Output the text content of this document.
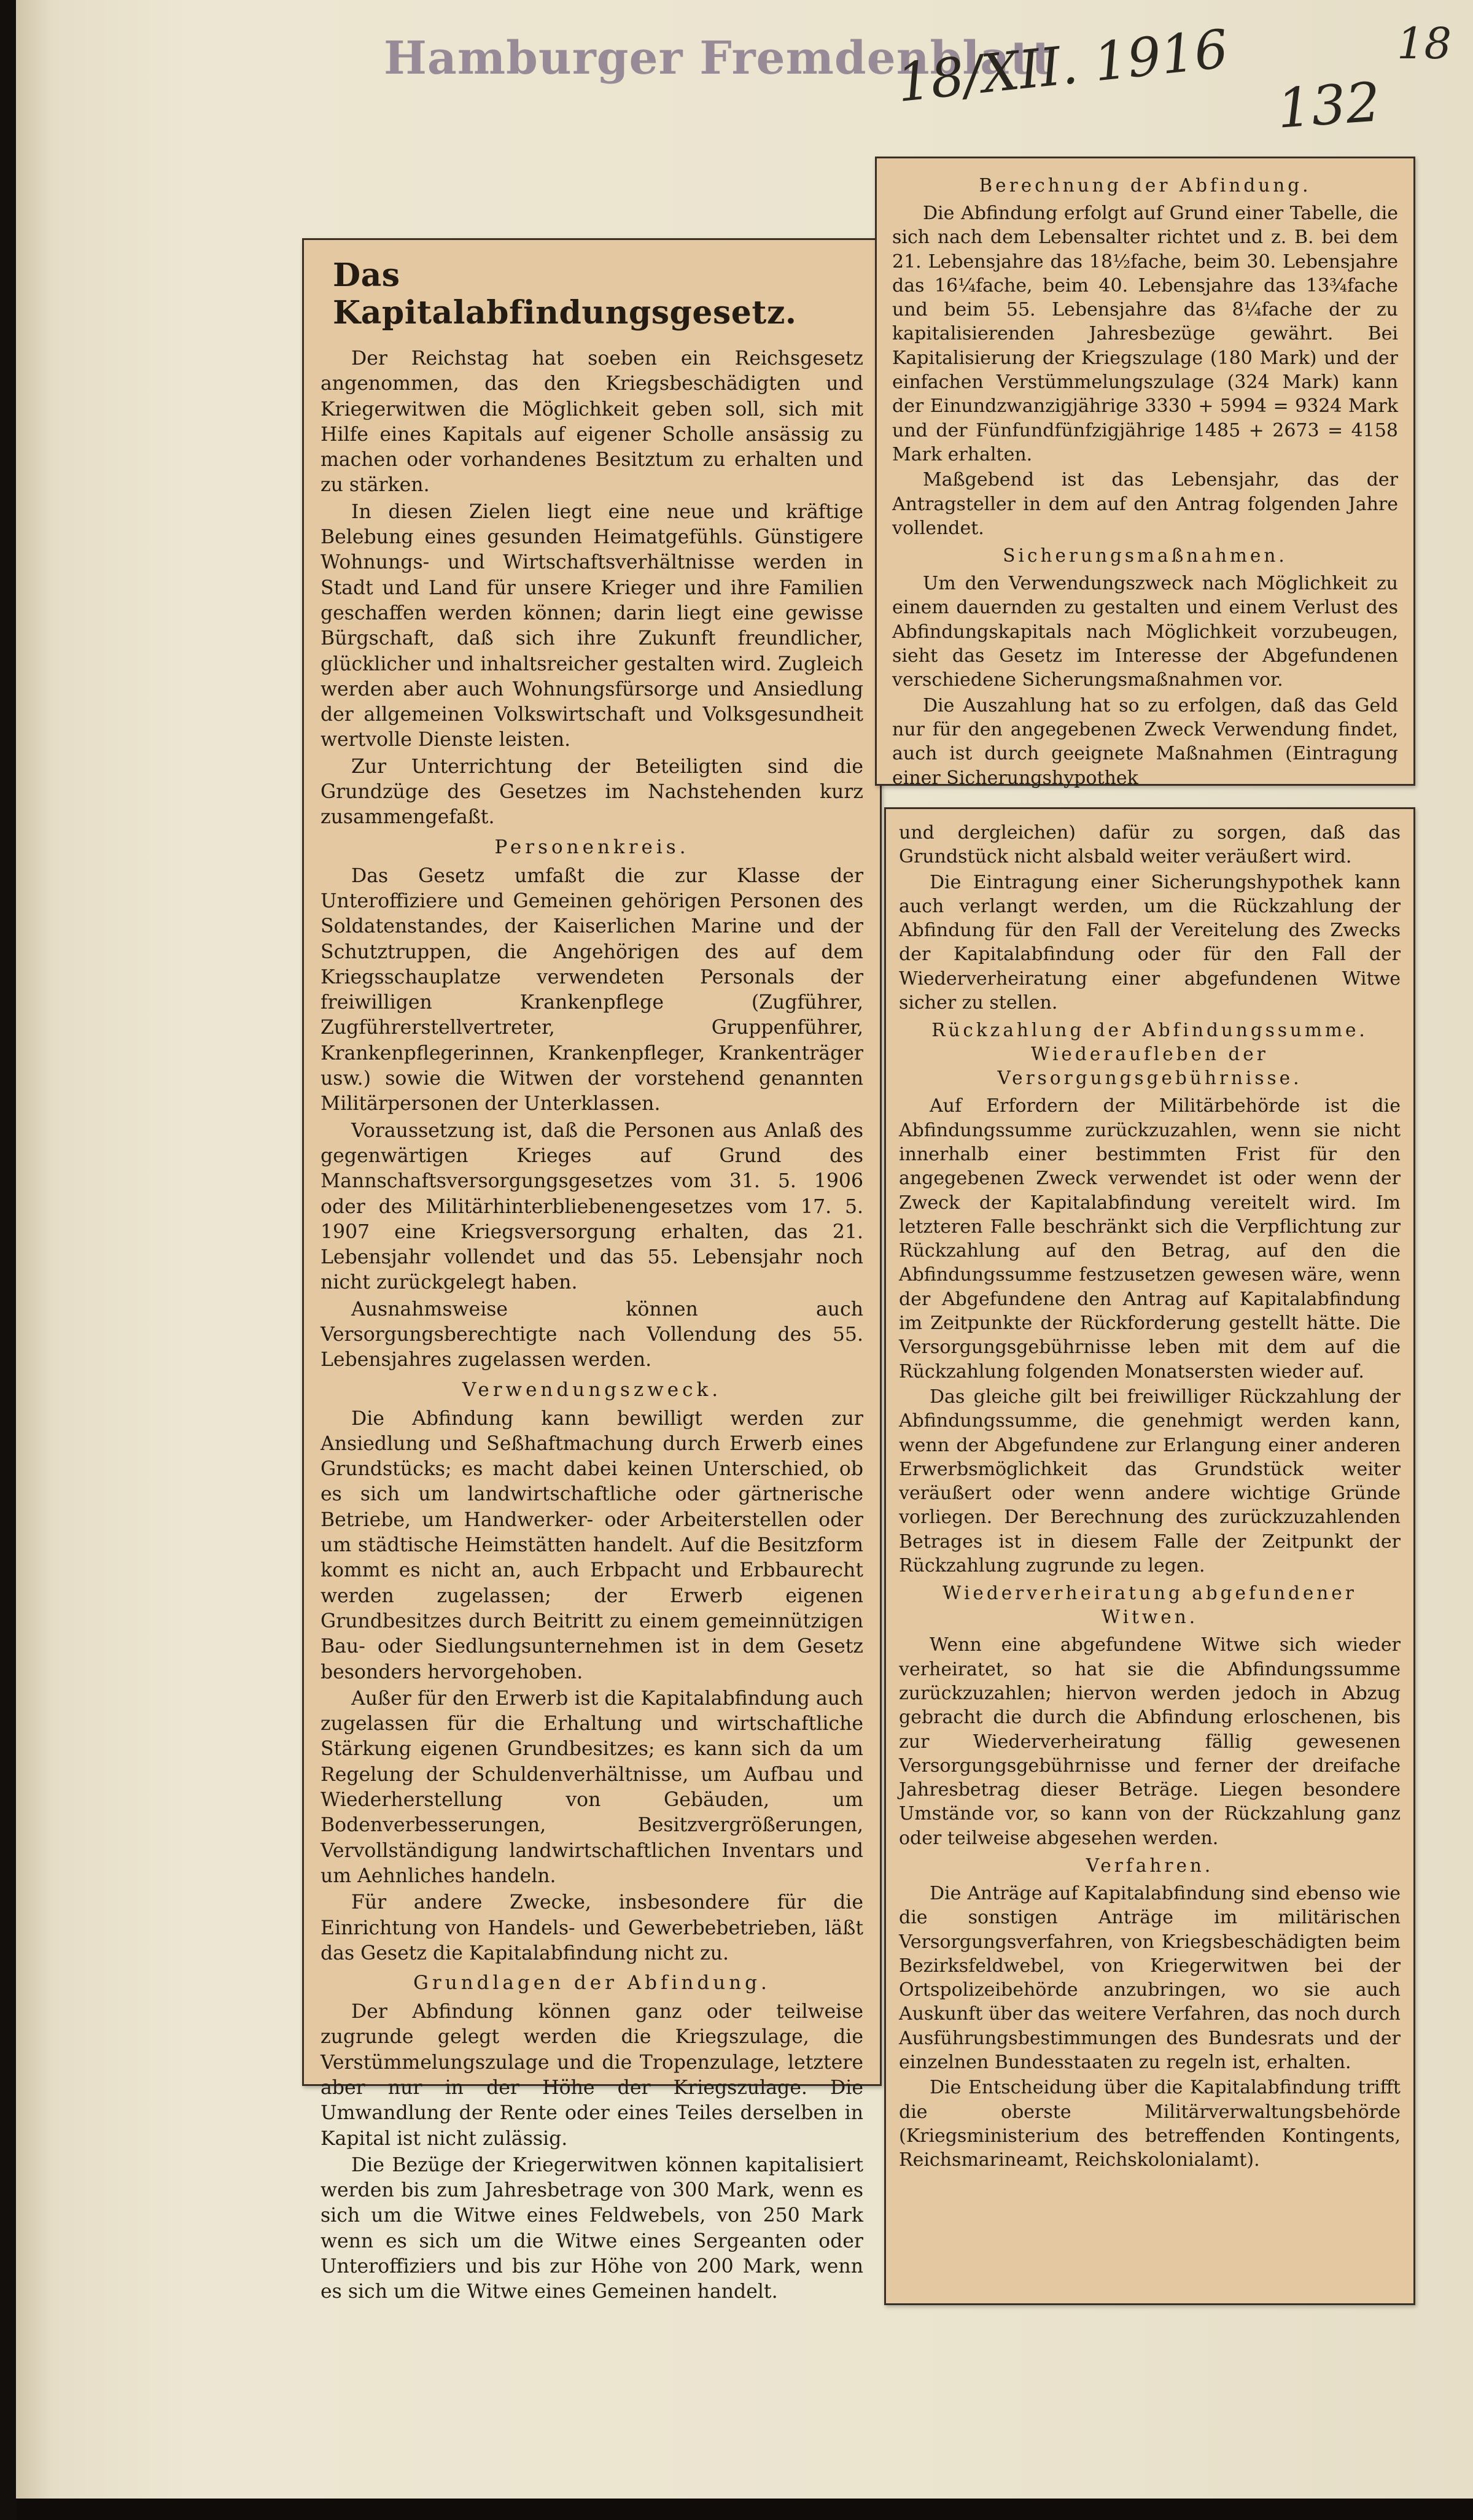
Hamburger Fremdenblatt
18/XII. 1916 132
18
Das Kapitalabfindungsgesetz.

Der Reichstag hat soeben ein Reichsgesetz angenommen, das den Kriegsbeschädigten und Kriegerwitwen die Möglichkeit geben soll, sich mit Hilfe eines Kapitals auf eigener Scholle ansässig zu machen oder vorhandenes Besitztum zu erhalten und zu stärken.

In diesen Zielen liegt eine neue und kräftige Belebung eines gesunden Heimatgefühls. Günstigere Wohnungs- und Wirtschaftsverhältnisse werden in Stadt und Land für unsere Krieger und ihre Familien geschaffen werden können; darin liegt eine gewisse Bürgschaft, daß sich ihre Zukunft freundlicher, glücklicher und inhaltsreicher gestalten wird. Zugleich werden aber auch Wohnungsfürsorge und Ansiedlung der allgemeinen Volkswirtschaft und Volksgesundheit wertvolle Dienste leisten.

Zur Unterrichtung der Beteiligten sind die Grundzüge des Gesetzes im Nachstehenden kurz zusammengefaßt.

Personenkreis.

Das Gesetz umfaßt die zur Klasse der Unteroffiziere und Gemeinen gehörigen Personen des Soldatenstandes, der Kaiserlichen Marine und der Schutztruppen, die Angehörigen des auf dem Kriegsschauplatze verwendeten Personals der freiwilligen Krankenpflege (Zugführer, Zugführerstellvertreter, Gruppenführer, Krankenpflegerinnen, Krankenpfleger, Krankenträger usw.) sowie die Witwen der vorstehend genannten Militärpersonen der Unterklassen.

Voraussetzung ist, daß die Personen aus Anlaß des gegenwärtigen Krieges auf Grund des Mannschaftsversorgungsgesetzes vom 31. 5. 1906 oder des Militärhinterbliebenengesetzes vom 17. 5. 1907 eine Kriegsversorgung erhalten, das 21. Lebensjahr vollendet und das 55. Lebensjahr noch nicht zurückgelegt haben.

Ausnahmsweise können auch Versorgungsberechtigte nach Vollendung des 55. Lebensjahres zugelassen werden.

Verwendungszweck.

Die Abfindung kann bewilligt werden zur Ansiedlung und Seßhaftmachung durch Erwerb eines Grundstücks; es macht dabei keinen Unterschied, ob es sich um landwirtschaftliche oder gärtnerische Betriebe, um Handwerker- oder Arbeiterstellen oder um städtische Heimstätten handelt. Auf die Besitzform kommt es nicht an, auch Erbpacht und Erbbaurecht werden zugelassen; der Erwerb eigenen Grundbesitzes durch Beitritt zu einem gemeinnützigen Bau- oder Siedlungsunternehmen ist in dem Gesetz besonders hervorgehoben.

Außer für den Erwerb ist die Kapitalabfindung auch zugelassen für die Erhaltung und wirtschaftliche Stärkung eigenen Grundbesitzes; es kann sich da um Regelung der Schuldenverhältnisse, um Aufbau und Wiederherstellung von Gebäuden, um Bodenverbesserungen, Besitzvergrößerungen, Vervollständigung landwirtschaftlichen Inventars und um Aehnliches handeln.

Für andere Zwecke, insbesondere für die Einrichtung von Handels- und Gewerbebetrieben, läßt das Gesetz die Kapitalabfindung nicht zu.

Grundlagen der Abfindung.

Der Abfindung können ganz oder teilweise zugrunde gelegt werden die Kriegszulage, die Verstümmelungszulage und die Tropenzulage, letztere aber nur in der Höhe der Kriegszulage. Die Umwandlung der Rente oder eines Teiles derselben in Kapital ist nicht zulässig.

Die Bezüge der Kriegerwitwen können kapitalisiert werden bis zum Jahresbetrage von 300 Mark, wenn es sich um die Witwe eines Feldwebels, von 250 Mark wenn es sich um die Witwe eines Sergeanten oder Unteroffiziers und bis zur Höhe von 200 Mark, wenn es sich um die Witwe eines Gemeinen handelt.

Berechnung der Abfindung.

Die Abfindung erfolgt auf Grund einer Tabelle, die sich nach dem Lebensalter richtet und z. B. bei dem 21. Lebensjahre das 18½fache, beim 30. Lebensjahre das 16¼fache, beim 40. Lebensjahre das 13¾fache und beim 55. Lebensjahre das 8¼fache der zu kapitalisierenden Jahresbezüge gewährt. Bei Kapitalisierung der Kriegszulage (180 Mark) und der einfachen Verstümmelungszulage (324 Mark) kann der Einundzwanzigjährige 3330 + 5994 = 9324 Mark und der Fünfundfünfzigjährige 1485 + 2673 = 4158 Mark erhalten.

Maßgebend ist das Lebensjahr, das der Antragsteller in dem auf den Antrag folgenden Jahre vollendet.

Sicherungsmaßnahmen.

Um den Verwendungszweck nach Möglichkeit zu einem dauernden zu gestalten und einem Verlust des Abfindungskapitals nach Möglichkeit vorzubeugen, sieht das Gesetz im Interesse der Abgefundenen verschiedene Sicherungsmaßnahmen vor.

Die Auszahlung hat so zu erfolgen, daß das Geld nur für den angegebenen Zweck Verwendung findet, auch ist durch geeignete Maßnahmen (Eintragung einer Sicherungshypothek

und dergleichen) dafür zu sorgen, daß das Grundstück nicht alsbald weiter veräußert wird.

Die Eintragung einer Sicherungshypothek kann auch verlangt werden, um die Rückzahlung der Abfindung für den Fall der Vereitelung des Zwecks der Kapitalabfindung oder für den Fall der Wiederverheiratung einer abgefundenen Witwe sicher zu stellen.

Rückzahlung der Abfindungssumme. Wiederaufleben der Versorgungsgebührnisse.

Auf Erfordern der Militärbehörde ist die Abfindungssumme zurückzuzahlen, wenn sie nicht innerhalb einer bestimmten Frist für den angegebenen Zweck verwendet ist oder wenn der Zweck der Kapitalabfindung vereitelt wird. Im letzteren Falle beschränkt sich die Verpflichtung zur Rückzahlung auf den Betrag, auf den die Abfindungssumme festzusetzen gewesen wäre, wenn der Abgefundene den Antrag auf Kapitalabfindung im Zeitpunkte der Rückforderung gestellt hätte. Die Versorgungsgebührnisse leben mit dem auf die Rückzahlung folgenden Monatsersten wieder auf.

Das gleiche gilt bei freiwilliger Rückzahlung der Abfindungssumme, die genehmigt werden kann, wenn der Abgefundene zur Erlangung einer anderen Erwerbsmöglichkeit das Grundstück weiter veräußert oder wenn andere wichtige Gründe vorliegen. Der Berechnung des zurückzuzahlenden Betrages ist in diesem Falle der Zeitpunkt der Rückzahlung zugrunde zu legen.

Wiederverheiratung abgefundener Witwen.

Wenn eine abgefundene Witwe sich wieder verheiratet, so hat sie die Abfindungssumme zurückzuzahlen; hiervon werden jedoch in Abzug gebracht die durch die Abfindung erloschenen, bis zur Wiederverheiratung fällig gewesenen Versorgungsgebührnisse und ferner der dreifache Jahresbetrag dieser Beträge. Liegen besondere Umstände vor, so kann von der Rückzahlung ganz oder teilweise abgesehen werden.

Verfahren.

Die Anträge auf Kapitalabfindung sind ebenso wie die sonstigen Anträge im militärischen Versorgungsverfahren, von Kriegsbeschädigten beim Bezirksfeldwebel, von Kriegerwitwen bei der Ortspolizeibehörde anzubringen, wo sie auch Auskunft über das weitere Verfahren, das noch durch Ausführungsbestimmungen des Bundesrats und der einzelnen Bundesstaaten zu regeln ist, erhalten.

Die Entscheidung über die Kapitalabfindung trifft die oberste Militärverwaltungsbehörde (Kriegsministerium des betreffenden Kontingents, Reichsmarineamt, Reichskolonialamt).
